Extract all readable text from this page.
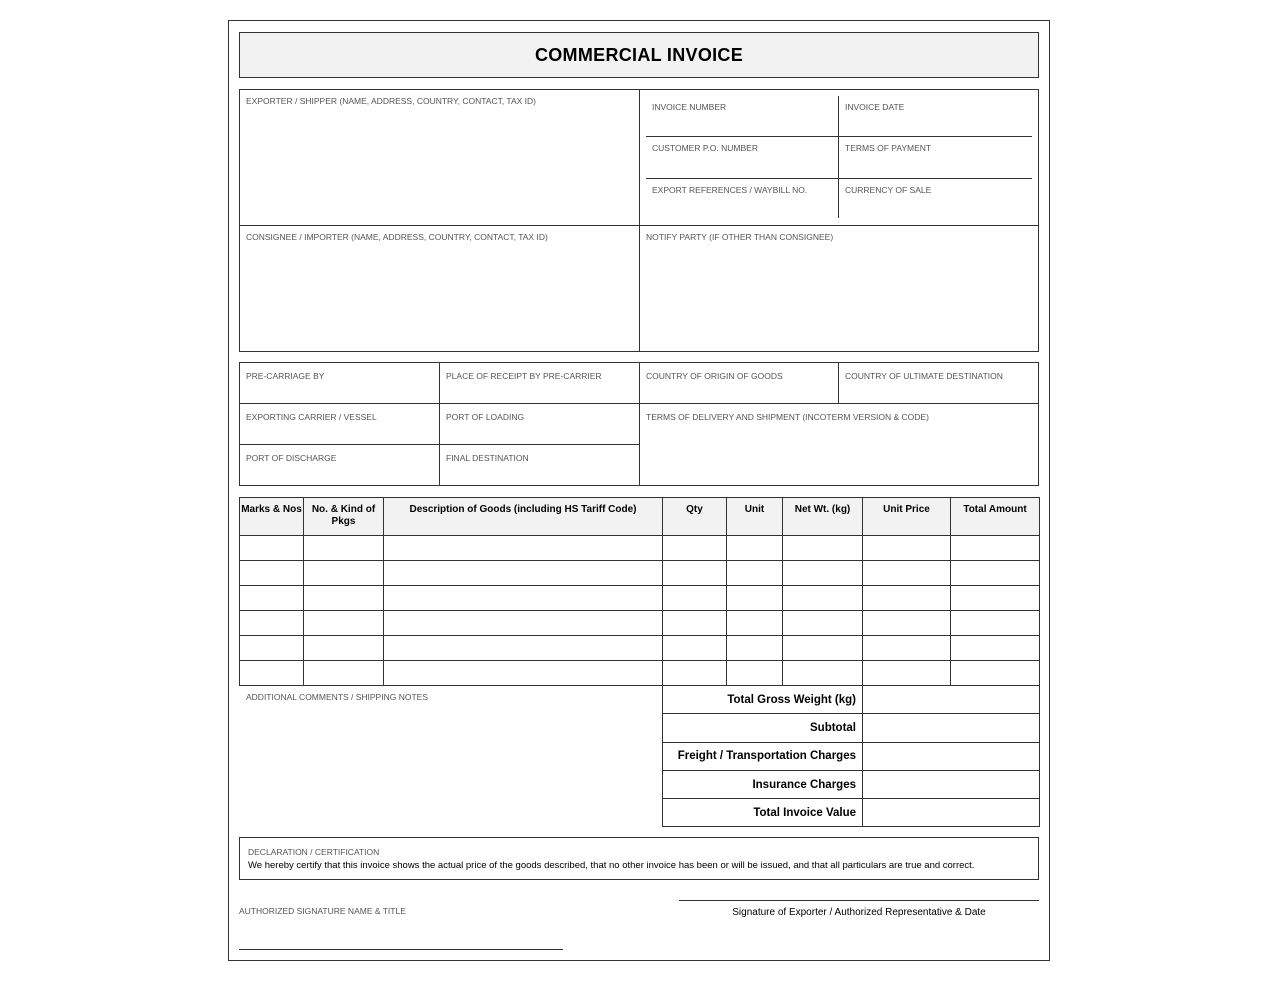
COMMERCIAL INVOICE
EXPORTER / SHIPPER (NAME, ADDRESS, COUNTRY, CONTACT, TAX ID)
INVOICE NUMBER	INVOICE DATE
CUSTOMER P.O. NUMBER	TERMS OF PAYMENT
EXPORT REFERENCES / WAYBILL NO.	CURRENCY OF SALE
CONSIGNEE / IMPORTER (NAME, ADDRESS, COUNTRY, CONTACT, TAX ID)	NOTIFY PARTY (IF OTHER THAN CONSIGNEE)
PRE-CARRIAGE BY	PLACE OF RECEIPT BY PRE-CARRIER	COUNTRY OF ORIGIN OF GOODS	COUNTRY OF ULTIMATE DESTINATION
EXPORTING CARRIER / VESSEL	PORT OF LOADING	TERMS OF DELIVERY AND SHIPMENT (INCOTERM VERSION & CODE)
PORT OF DISCHARGE	FINAL DESTINATION
Marks & Nos	No. & Kind of Pkgs	Description of Goods (including HS Tariff Code)	Qty	Unit	Net Wt. (kg)	Unit Price	Total Amount

ADDITIONAL COMMENTS / SHIPPING NOTES	Total Gross Weight (kg)	
Subtotal	
Freight / Transportation Charges	
Insurance Charges	
Total Invoice Value	
DECLARATION / CERTIFICATION
We hereby certify that this invoice shows the actual price of the goods described, that no other invoice has been or will be issued, and that all particulars are true and correct.
AUTHORIZED SIGNATURE NAME & TITLE	Signature of Exporter / Authorized Representative & Date
